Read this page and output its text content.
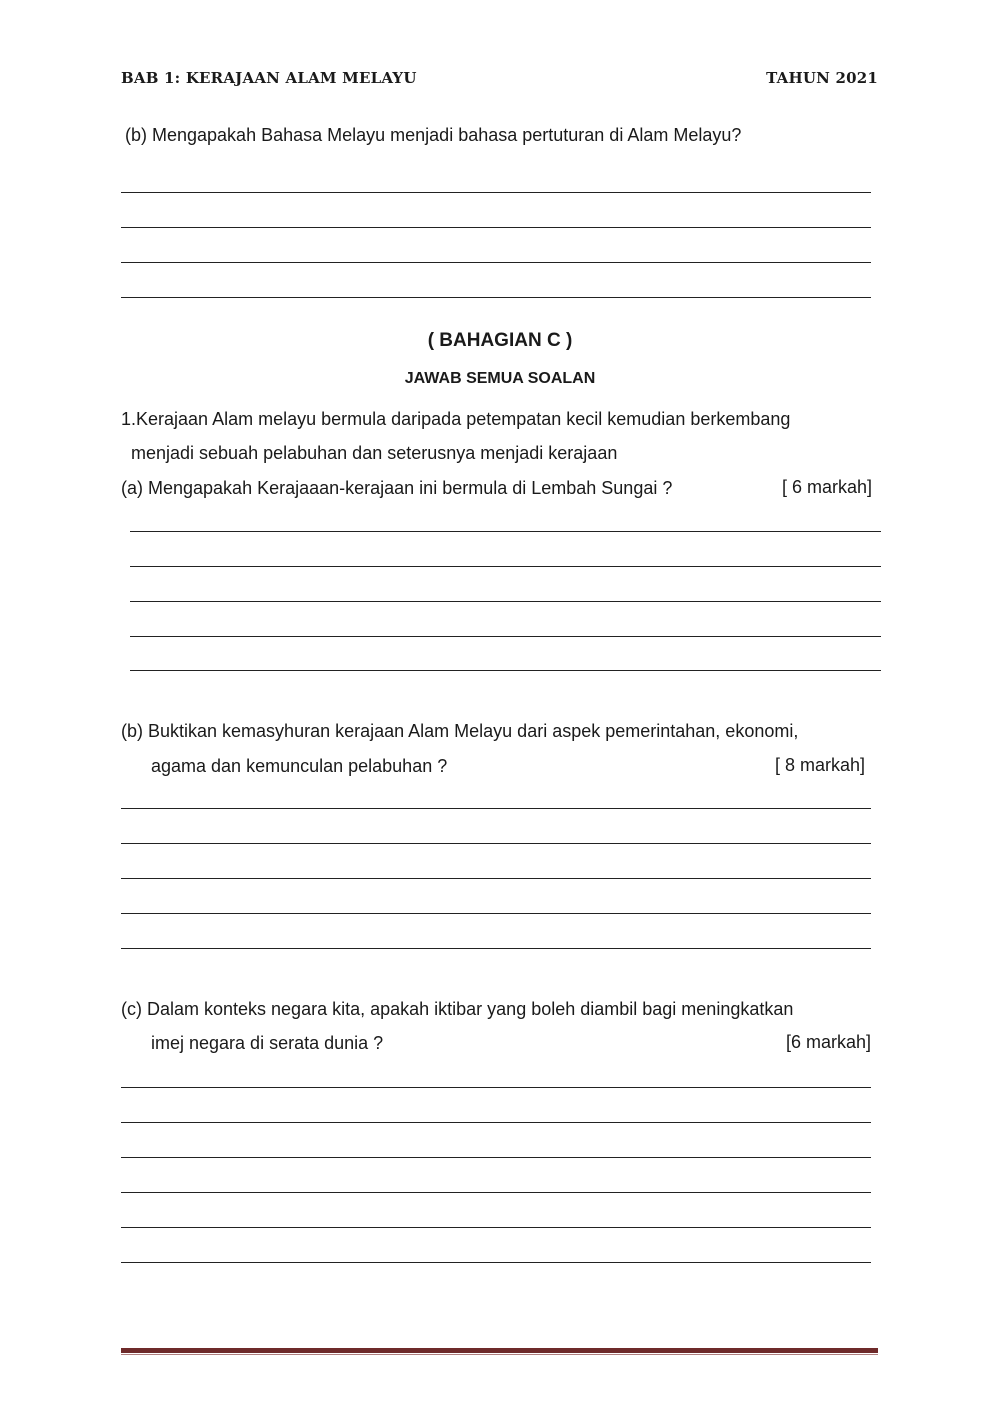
BAB 1: KERAJAAN ALAM MELAYU	TAHUN 2021
(b) Mengapakah Bahasa Melayu menjadi bahasa pertuturan di Alam Melayu?
( BAHAGIAN C )
JAWAB SEMUA SOALAN
1.Kerajaan Alam melayu bermula daripada petempatan kecil kemudian berkembang
menjadi sebuah pelabuhan dan seterusnya menjadi kerajaan
(a) Mengapakah Kerajaaan-kerajaan ini bermula di Lembah Sungai ?	[ 6 markah]
(b) Buktikan kemasyhuran kerajaan Alam Melayu dari aspek pemerintahan, ekonomi,
agama dan kemunculan pelabuhan ?	[ 8 markah]
(c) Dalam konteks negara kita, apakah iktibar yang boleh diambil bagi meningkatkan
imej negara di serata dunia ?	[6 markah]
